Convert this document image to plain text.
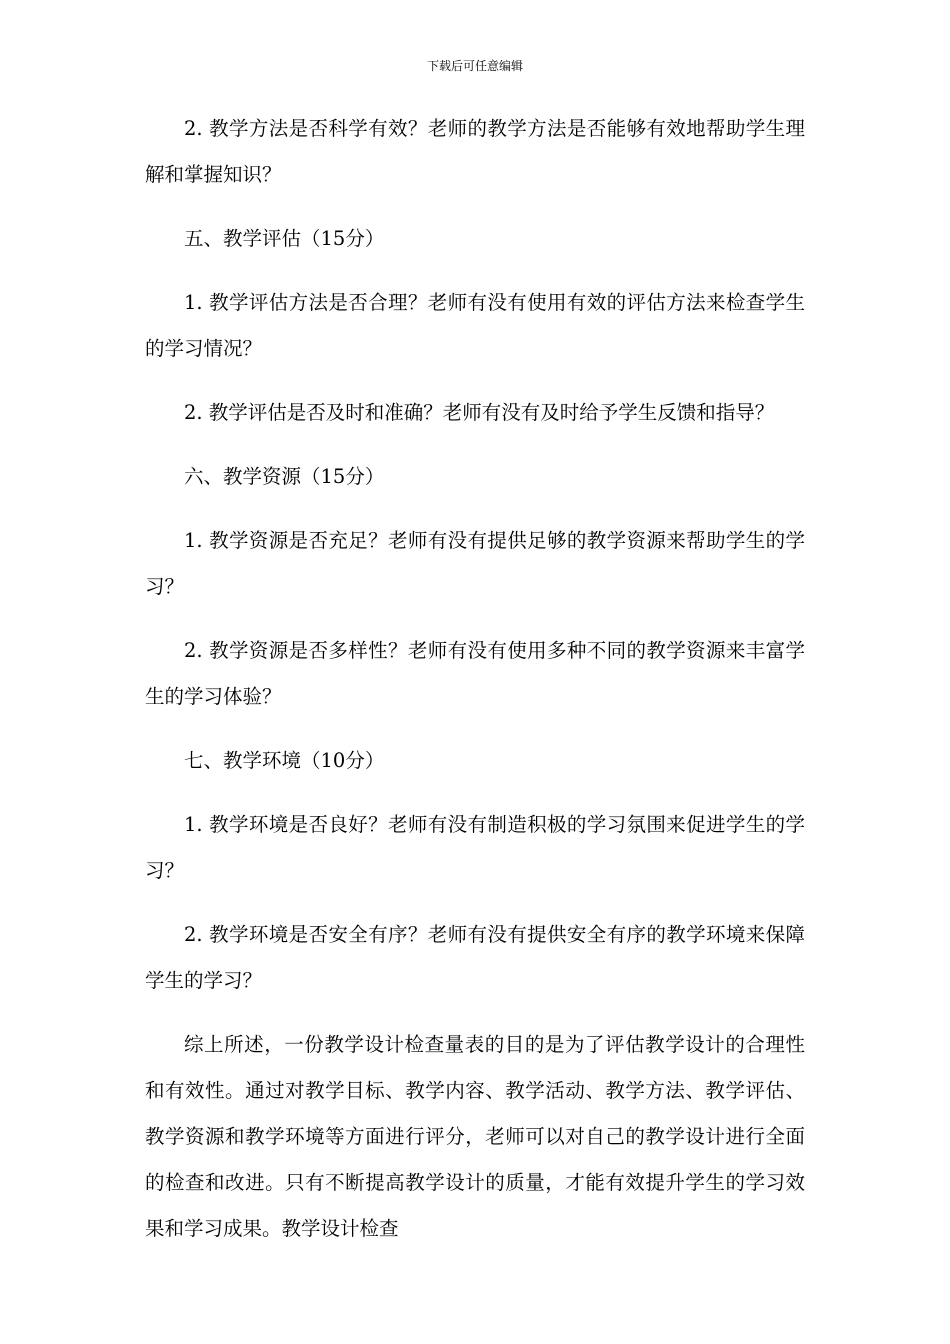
下载后可任意编辑

2. 教学方法是否科学有效？老师的教学方法是否能够有效地帮助学生理解和掌握知识？

五、教学评估（15分）

1. 教学评估方法是否合理？老师有没有使用有效的评估方法来检查学生的学习情况？

2. 教学评估是否及时和准确？老师有没有及时给予学生反馈和指导？

六、教学资源（15分）

1. 教学资源是否充足？老师有没有提供足够的教学资源来帮助学生的学习？

2. 教学资源是否多样性？老师有没有使用多种不同的教学资源来丰富学生的学习体验？

七、教学环境（10分）

1. 教学环境是否良好？老师有没有制造积极的学习氛围来促进学生的学习？

2. 教学环境是否安全有序？老师有没有提供安全有序的教学环境来保障学生的学习？

综上所述，一份教学设计检查量表的目的是为了评估教学设计的合理性和有效性。通过对教学目标、教学内容、教学活动、教学方法、教学评估、教学资源和教学环境等方面进行评分，老师可以对自己的教学设计进行全面的检查和改进。只有不断提高教学设计的质量，才能有效提升学生的学习效果和学习成果。教学设计检查
